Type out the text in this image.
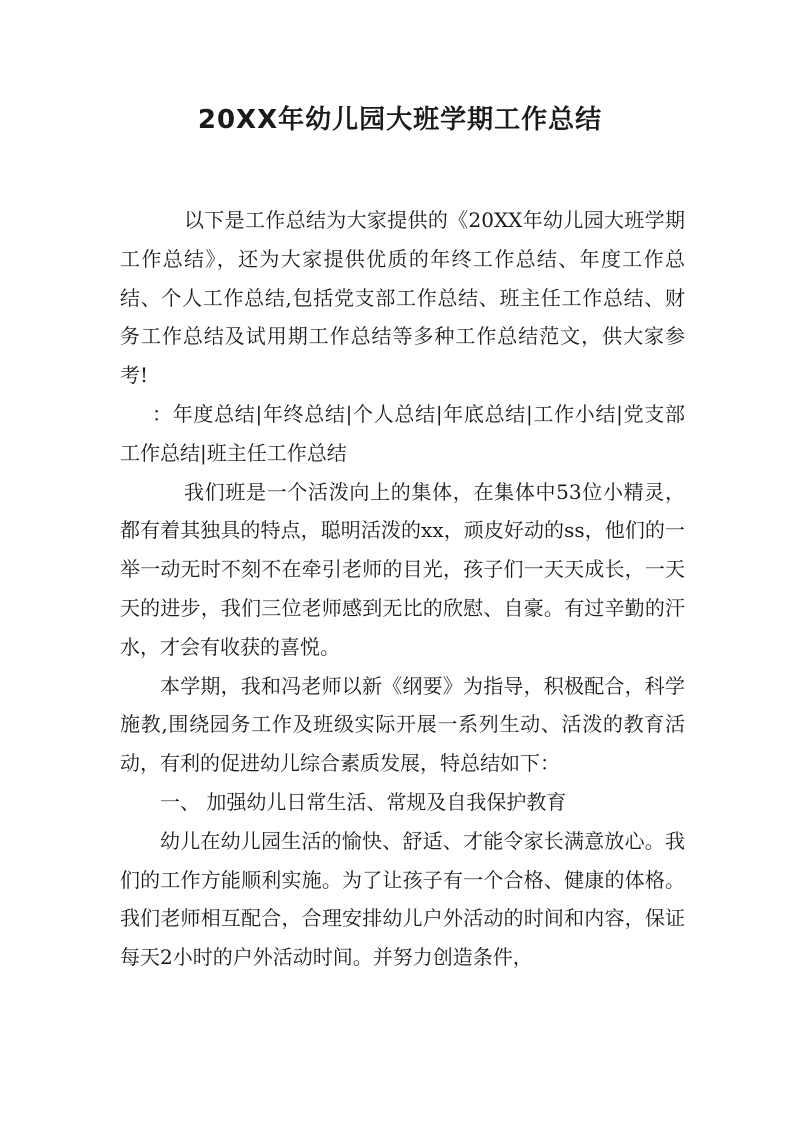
20XX年幼儿园大班学期工作总结

以下是工作总结为大家提供的《20XX年幼儿园大班学期工作总结》，还为大家提供优质的年终工作总结、年度工作总结、个人工作总结,包括党支部工作总结、班主任工作总结、财务工作总结及试用期工作总结等多种工作总结范文，供大家参考!

：年度总结|年终总结|个人总结|年底总结|工作小结|党支部工作总结|班主任工作总结

我们班是一个活泼向上的集体，在集体中53位小精灵，都有着其独具的特点，聪明活泼的xx，顽皮好动的ss，他们的一举一动无时不刻不在牵引老师的目光，孩子们一天天成长，一天天的进步，我们三位老师感到无比的欣慰、自豪。有过辛勤的汗水，才会有收获的喜悦。

本学期，我和冯老师以新《纲要》为指导，积极配合，科学施教,围绕园务工作及班级实际开展一系列生动、活泼的教育活动，有利的促进幼儿综合素质发展，特总结如下：

一、 加强幼儿日常生活、常规及自我保护教育

幼儿在幼儿园生活的愉快、舒适、才能令家长满意放心。我们的工作方能顺利实施。为了让孩子有一个合格、健康的体格。我们老师相互配合，合理安排幼儿户外活动的时间和内容，保证每天2小时的户外活动时间。并努力创造条件，
